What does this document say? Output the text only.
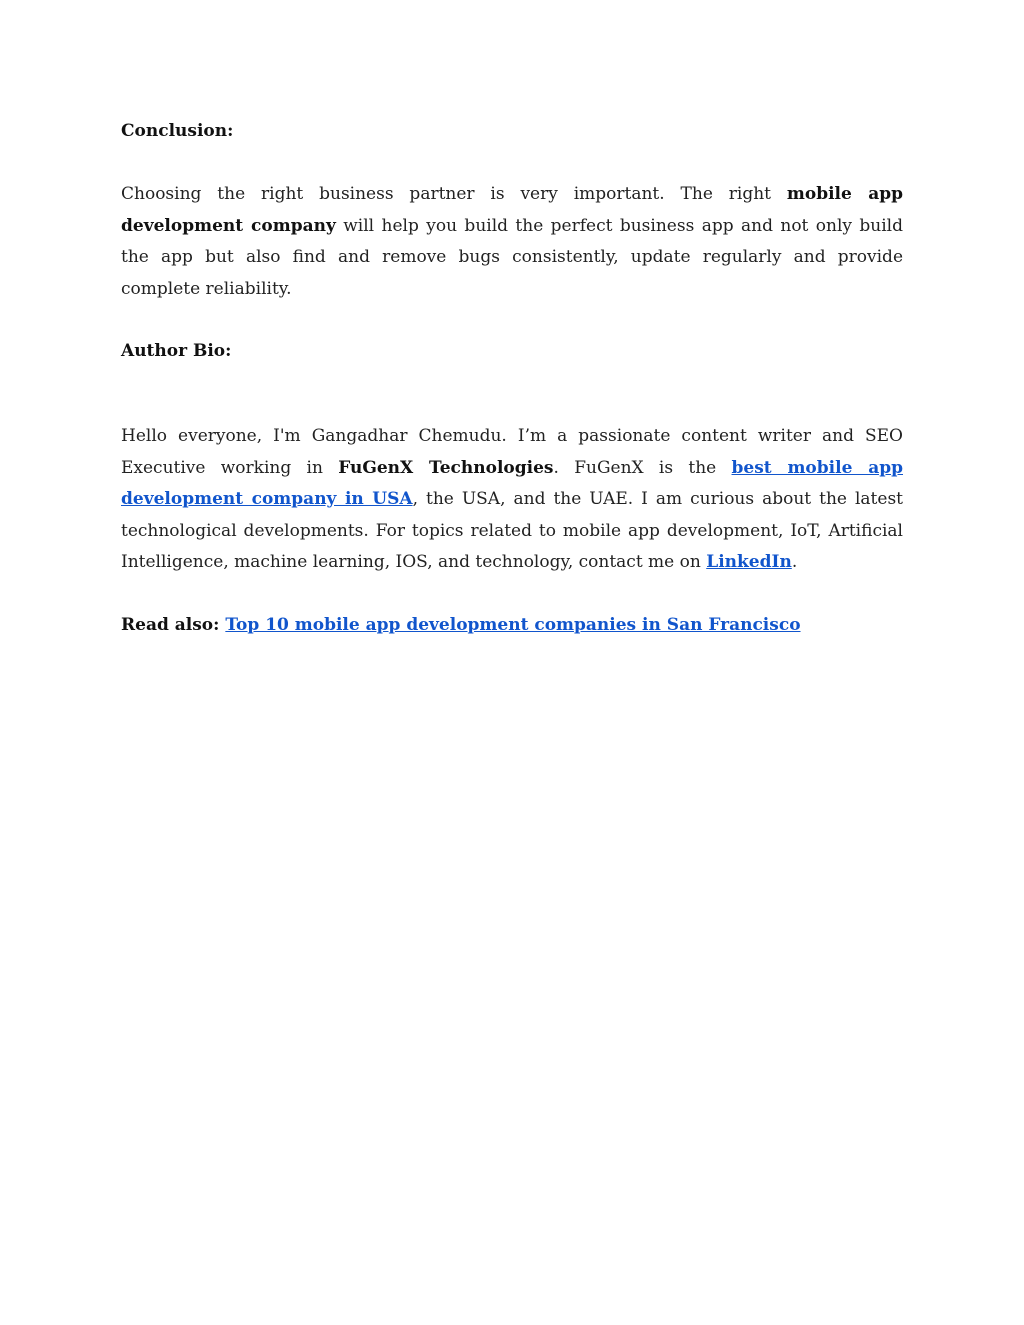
Conclusion:

Choosing the right business partner is very important. The right mobile app development company will help you build the perfect business app and not only build the app but also find and remove bugs consistently, update regularly and provide complete reliability.

Author Bio:

Hello everyone, I'm Gangadhar Chemudu. I’m a passionate content writer and SEO Executive working in FuGenX Technologies. FuGenX is the best mobile app development company in USA, the USA, and the UAE. I am curious about the latest technological developments. For topics related to mobile app development, IoT, Artificial Intelligence, machine learning, IOS, and technology, contact me on LinkedIn.

Read also: Top 10 mobile app development companies in San Francisco
